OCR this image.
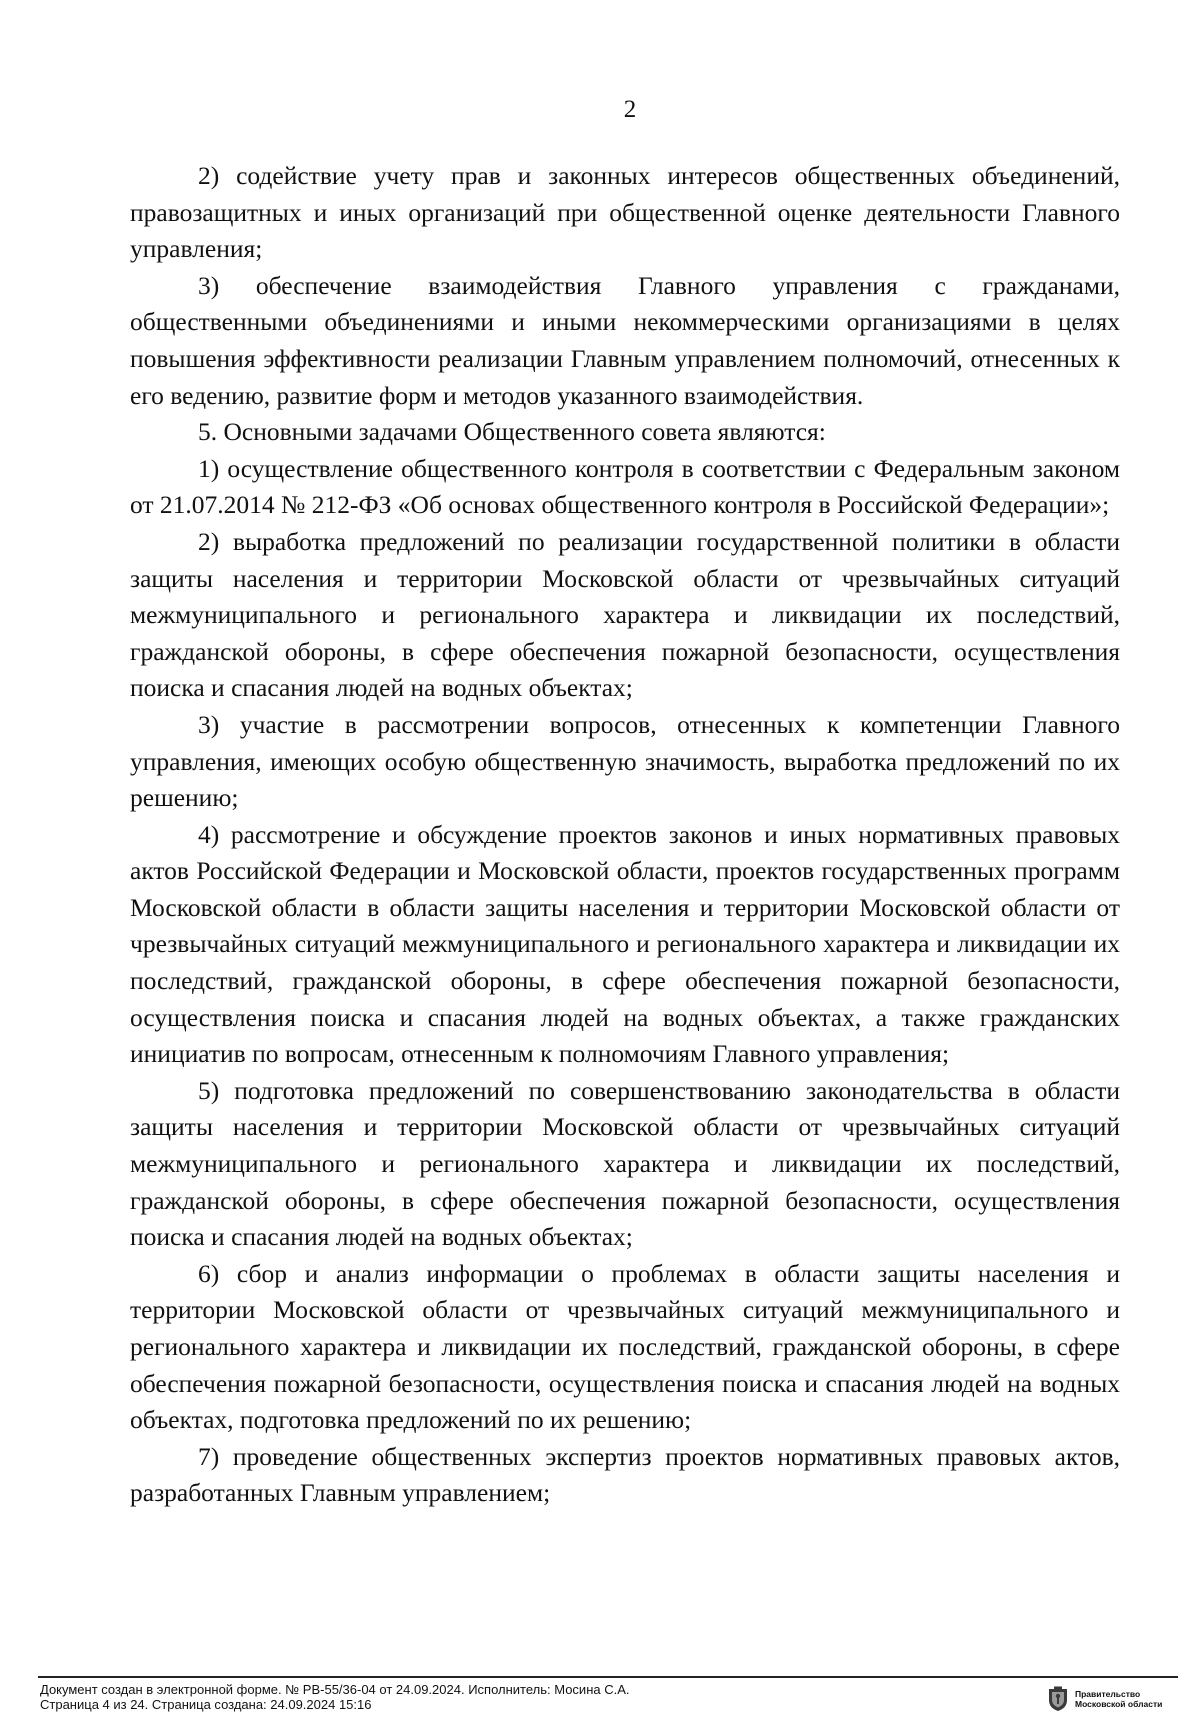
2

2) содействие учету прав и законных интересов общественных объединений, правозащитных и иных организаций при общественной оценке деятельности Главного управления;

3) обеспечение взаимодействия Главного управления с гражданами, общественными объединениями и иными некоммерческими организациями в целях повышения эффективности реализации Главным управлением полномочий, отнесенных к его ведению, развитие форм и методов указанного взаимодействия.

5. Основными задачами Общественного совета являются:

1) осуществление общественного контроля в соответствии с Федеральным законом от 21.07.2014 № 212-ФЗ «Об основах общественного контроля в Российской Федерации»;

2) выработка предложений по реализации государственной политики в области защиты населения и территории Московской области от чрезвычайных ситуаций межмуниципального и регионального характера и ликвидации их последствий, гражданской обороны, в сфере обеспечения пожарной безопасности, осуществления поиска и спасания людей на водных объектах;

3) участие в рассмотрении вопросов, отнесенных к компетенции Главного управления, имеющих особую общественную значимость, выработка предложений по их решению;

4) рассмотрение и обсуждение проектов законов и иных нормативных правовых актов Российской Федерации и Московской области, проектов государственных программ Московской области в области защиты населения и территории Московской области от чрезвычайных ситуаций межмуниципального и регионального характера и ликвидации их последствий, гражданской обороны, в сфере обеспечения пожарной безопасности, осуществления поиска и спасания людей на водных объектах, а также гражданских инициатив по вопросам, отнесенным к полномочиям Главного управления;

5) подготовка предложений по совершенствованию законодательства в области защиты населения и территории Московской области от чрезвычайных ситуаций межмуниципального и регионального характера и ликвидации их последствий, гражданской обороны, в сфере обеспечения пожарной безопасности, осуществления поиска и спасания людей на водных объектах;

6) сбор и анализ информации о проблемах в области защиты населения и территории Московской области от чрезвычайных ситуаций межмуниципального и регионального характера и ликвидации их последствий, гражданской обороны, в сфере обеспечения пожарной безопасности, осуществления поиска и спасания людей на водных объектах, подготовка предложений по их решению;

7) проведение общественных экспертиз проектов нормативных правовых актов, разработанных Главным управлением;

Документ создан в электронной форме. № РВ-55/36-04 от 24.09.2024. Исполнитель: Мосина С.А.
Страница 4 из 24. Страница создана: 24.09.2024 15:16
Правительство
Московской области
